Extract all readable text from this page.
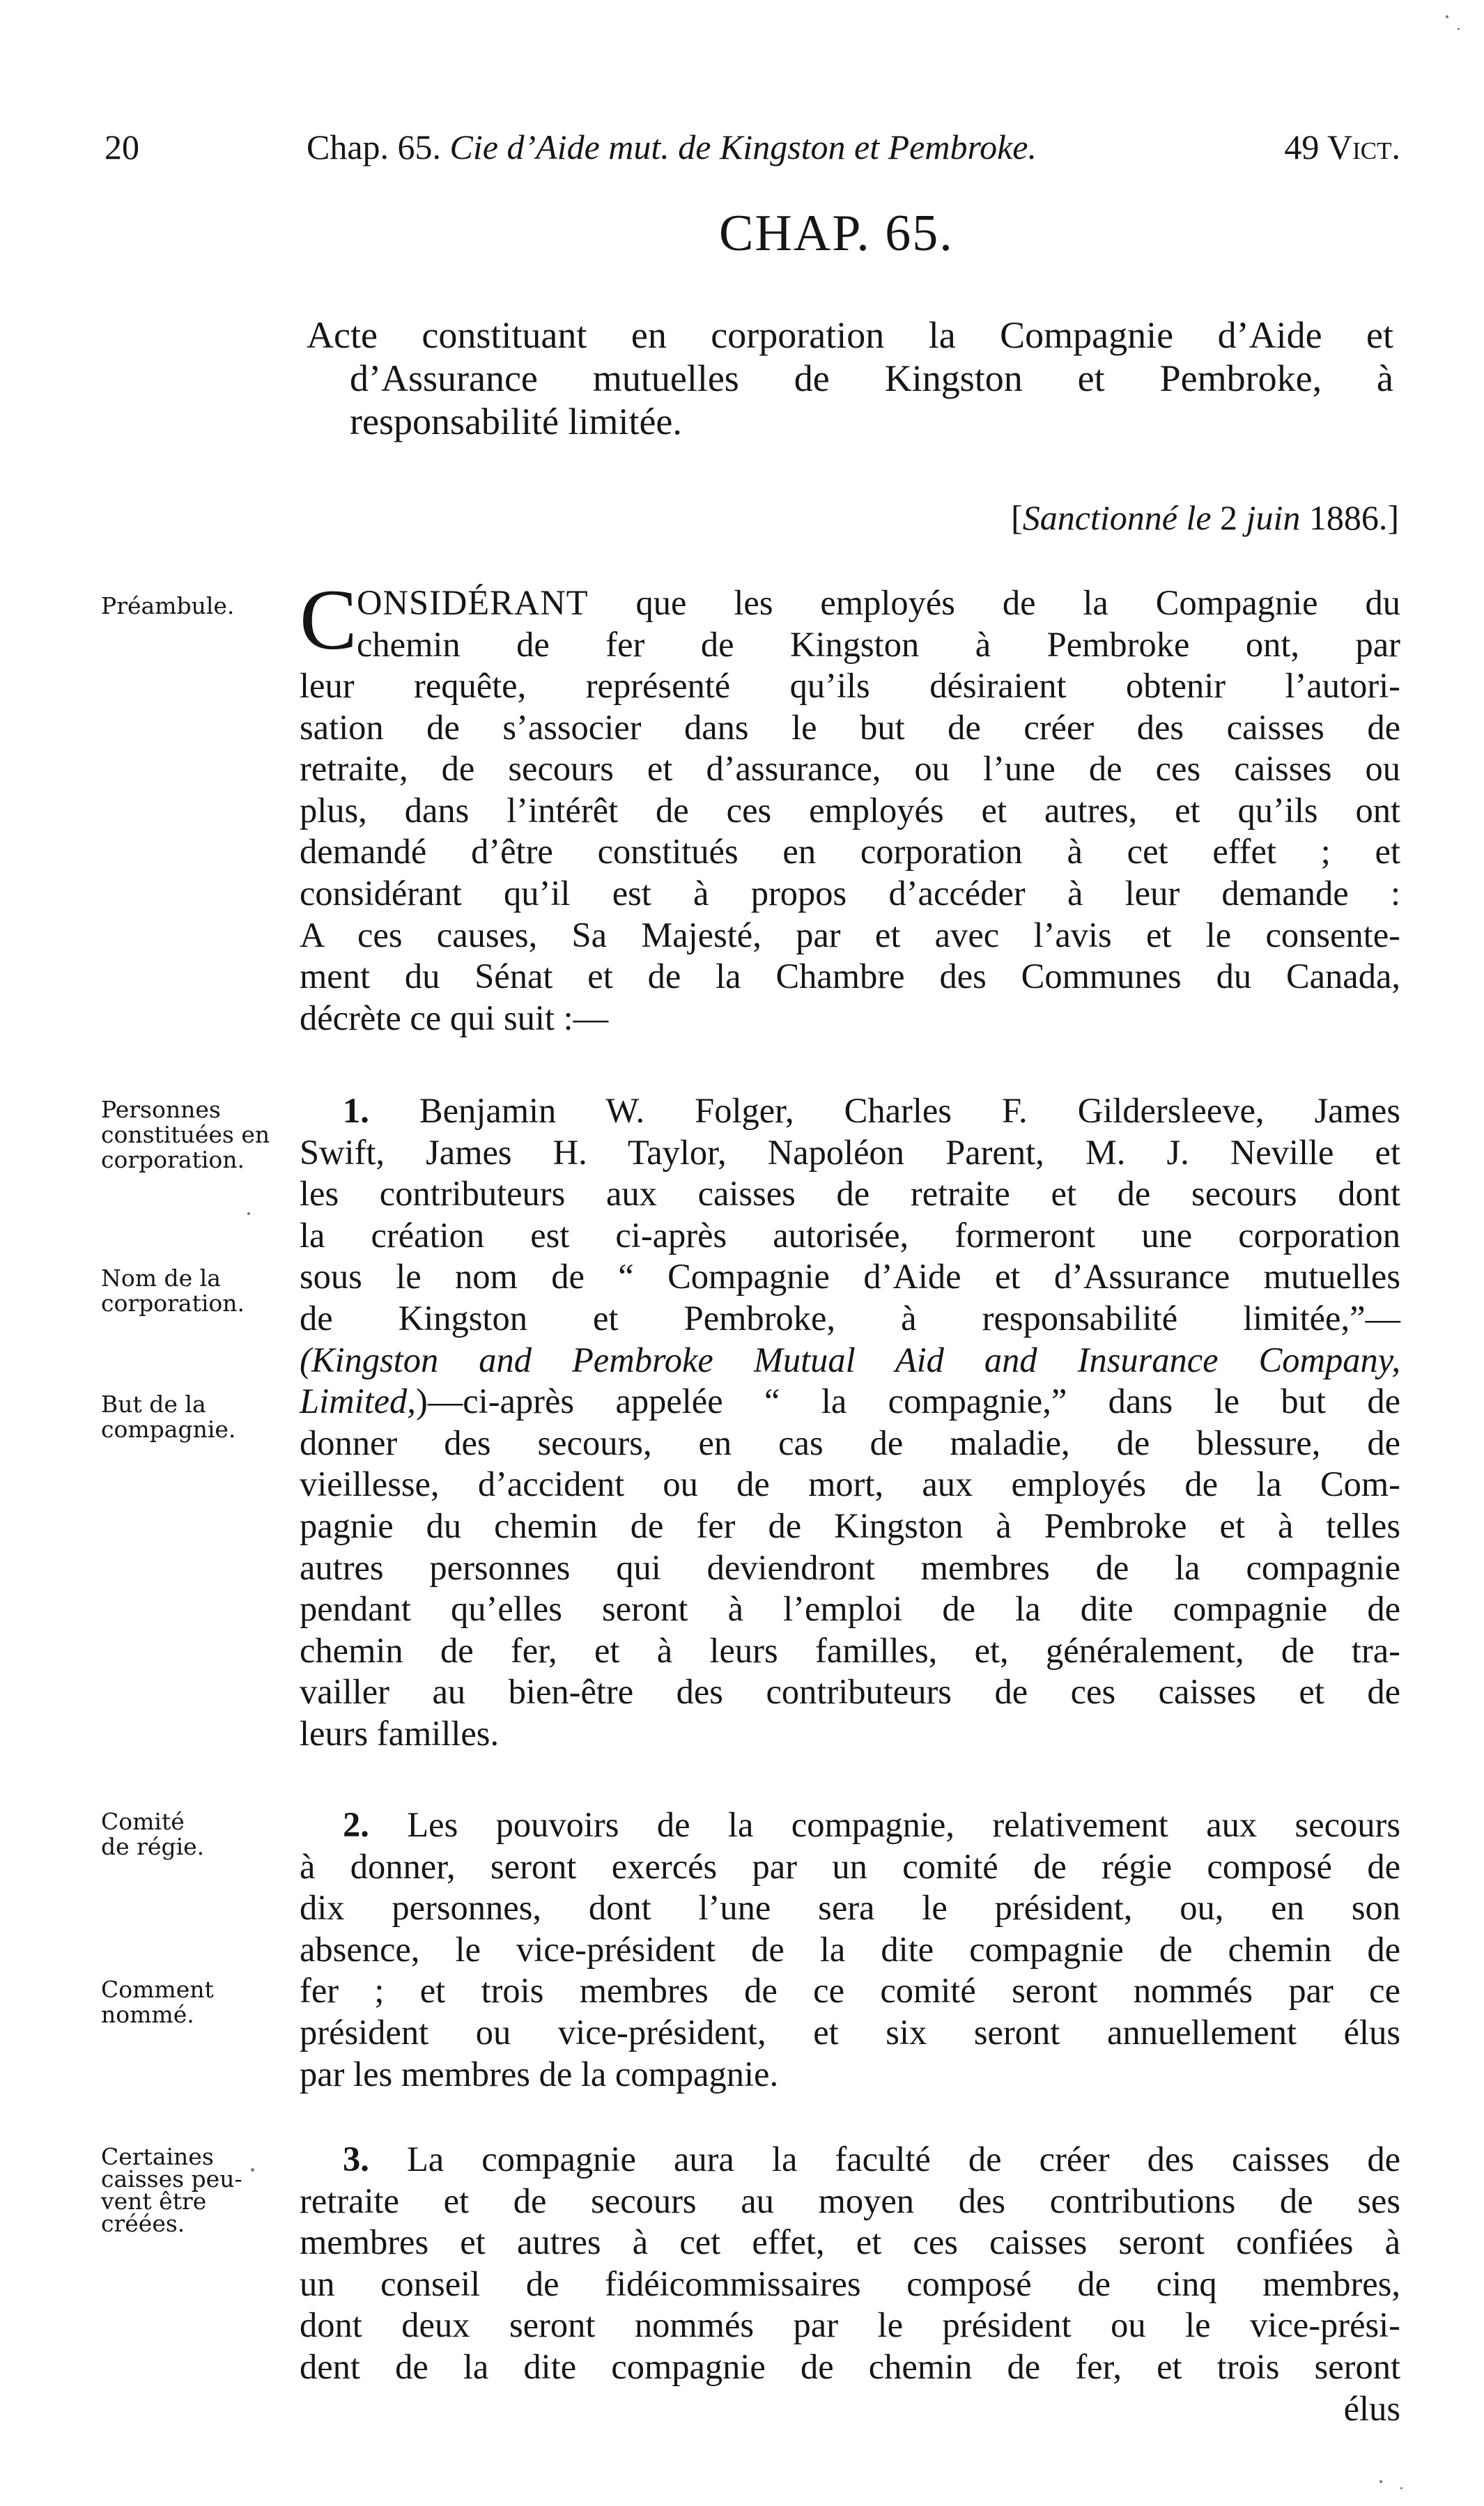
20	Chap. 65. Cie d’Aide mut. de Kingston et Pembroke.	49 Vict.
CHAP. 65.
Acte constituant en corporation la Compagnie d’Aide et
d’Assurance mutuelles de Kingston et Pembroke, à
responsabilité limitée.
[Sanctionné le 2 juin 1886.]
Préambule.
Personnes
constituées en
corporation.
Nom de la
corporation.
But de la
compagnie.
Comité
de régie.
Comment
nommé.
Certaines
caisses peu-
vent être
créées.
C ONSIDÉRANT que les employés de la Compagnie du
chemin de fer de Kingston à Pembroke ont, par
leur requête, représenté qu’ils désiraient obtenir l’autori-
sation de s’associer dans le but de créer des caisses de
retraite, de secours et d’assurance, ou l’une de ces caisses ou
plus, dans l’intérêt de ces employés et autres, et qu’ils ont
demandé d’être constitués en corporation à cet effet ; et
considérant qu’il est à propos d’accéder à leur demande :
A ces causes, Sa Majesté, par et avec l’avis et le consente-
ment du Sénat et de la Chambre des Communes du Canada,
décrète ce qui suit :—
1. Benjamin W. Folger, Charles F. Gildersleeve, James
Swift, James H. Taylor, Napoléon Parent, M. J. Neville et
les contributeurs aux caisses de retraite et de secours dont
la création est ci-après autorisée, formeront une corporation
sous le nom de “ Compagnie d’Aide et d’Assurance mutuelles
de Kingston et Pembroke, à responsabilité limitée,”—
(Kingston and Pembroke Mutual Aid and Insurance Company,
Limited,)—ci-après appelée “ la compagnie,” dans le but de
donner des secours, en cas de maladie, de blessure, de
vieillesse, d’accident ou de mort, aux employés de la Com-
pagnie du chemin de fer de Kingston à Pembroke et à telles
autres personnes qui deviendront membres de la compagnie
pendant qu’elles seront à l’emploi de la dite compagnie de
chemin de fer, et à leurs familles, et, généralement, de tra-
vailler au bien-être des contributeurs de ces caisses et de
leurs familles.
2. Les pouvoirs de la compagnie, relativement aux secours
à donner, seront exercés par un comité de régie composé de
dix personnes, dont l’une sera le président, ou, en son
absence, le vice-président de la dite compagnie de chemin de
fer ; et trois membres de ce comité seront nommés par ce
président ou vice-président, et six seront annuellement élus
par les membres de la compagnie.
3. La compagnie aura la faculté de créer des caisses de
retraite et de secours au moyen des contributions de ses
membres et autres à cet effet, et ces caisses seront confiées à
un conseil de fidéicommissaires composé de cinq membres,
dont deux seront nommés par le président ou le vice-prési-
dent de la dite compagnie de chemin de fer, et trois seront
élus
